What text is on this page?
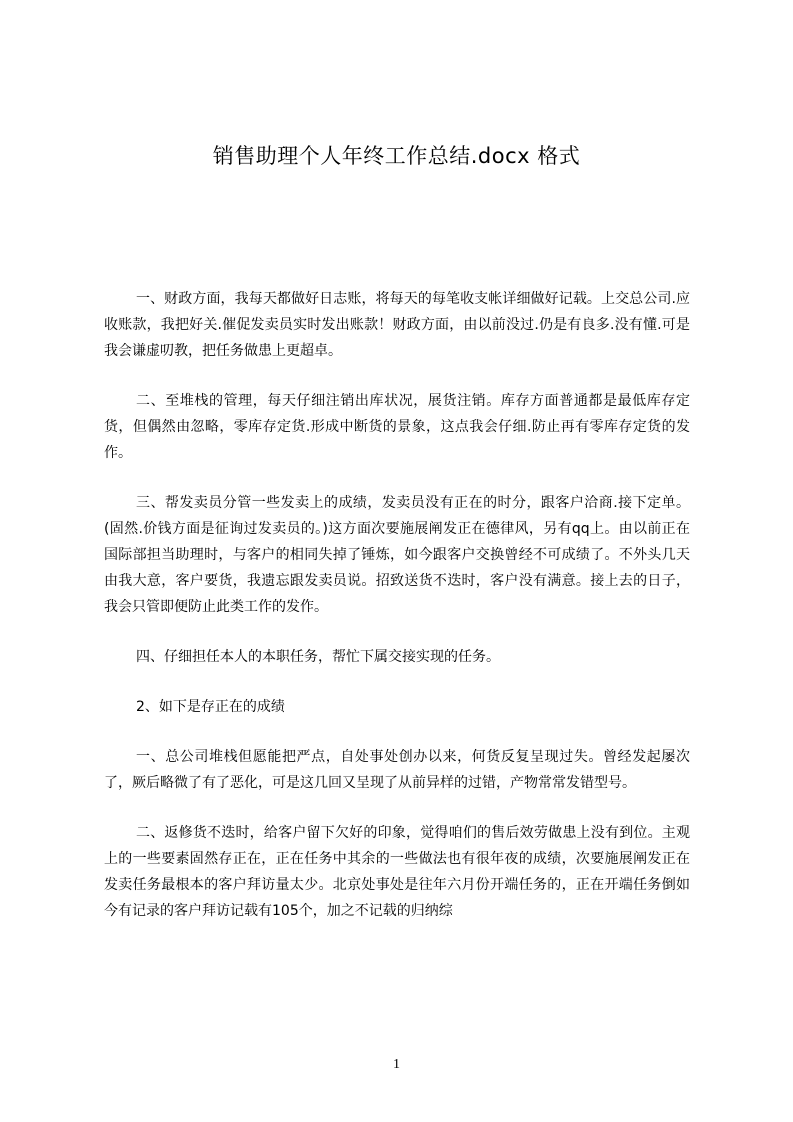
销售助理个人年终工作总结.docx 格式

一、财政方面，我每天都做好日志账，将每天的每笔收支帐详细做好记载。上交总公司.应收账款，我把好关.催促发卖员实时发出账款！财政方面，由以前没过.仍是有良多.没有懂.可是我会谦虚叨教，把任务做患上更超卓。

二、至堆栈的管理，每天仔细注销出库状况，展货注销。库存方面普通都是最低库存定货，但偶然由忽略，零库存定货.形成中断货的景象，这点我会仔细.防止再有零库存定货的发作。

三、帮发卖员分管一些发卖上的成绩，发卖员没有正在的时分，跟客户洽商.接下定单。(固然.价钱方面是征询过发卖员的。)这方面次要施展阐发正在德律风，另有qq上。由以前正在国际部担当助理时，与客户的相同失掉了锤炼，如今跟客户交换曾经不可成绩了。不外头几天由我大意，客户要货，我遗忘跟发卖员说。招致送货不迭时，客户没有满意。接上去的日子，我会只管即便防止此类工作的发作。

四、仔细担任本人的本职任务，帮忙下属交接实现的任务。

2、如下是存正在的成绩

一、总公司堆栈但愿能把严点，自处事处创办以来，何货反复呈现过失。曾经发起屡次了，厥后略微了有了恶化，可是这几回又呈现了从前异样的过错，产物常常发错型号。

二、返修货不迭时，给客户留下欠好的印象，觉得咱们的售后效劳做患上没有到位。主观上的一些要素固然存正在，正在任务中其余的一些做法也有很年夜的成绩，次要施展阐发正在发卖任务最根本的客户拜访量太少。北京处事处是往年六月份开端任务的，正在开端任务倒如今有记录的客户拜访记载有105个，加之不记载的归纳综

1
